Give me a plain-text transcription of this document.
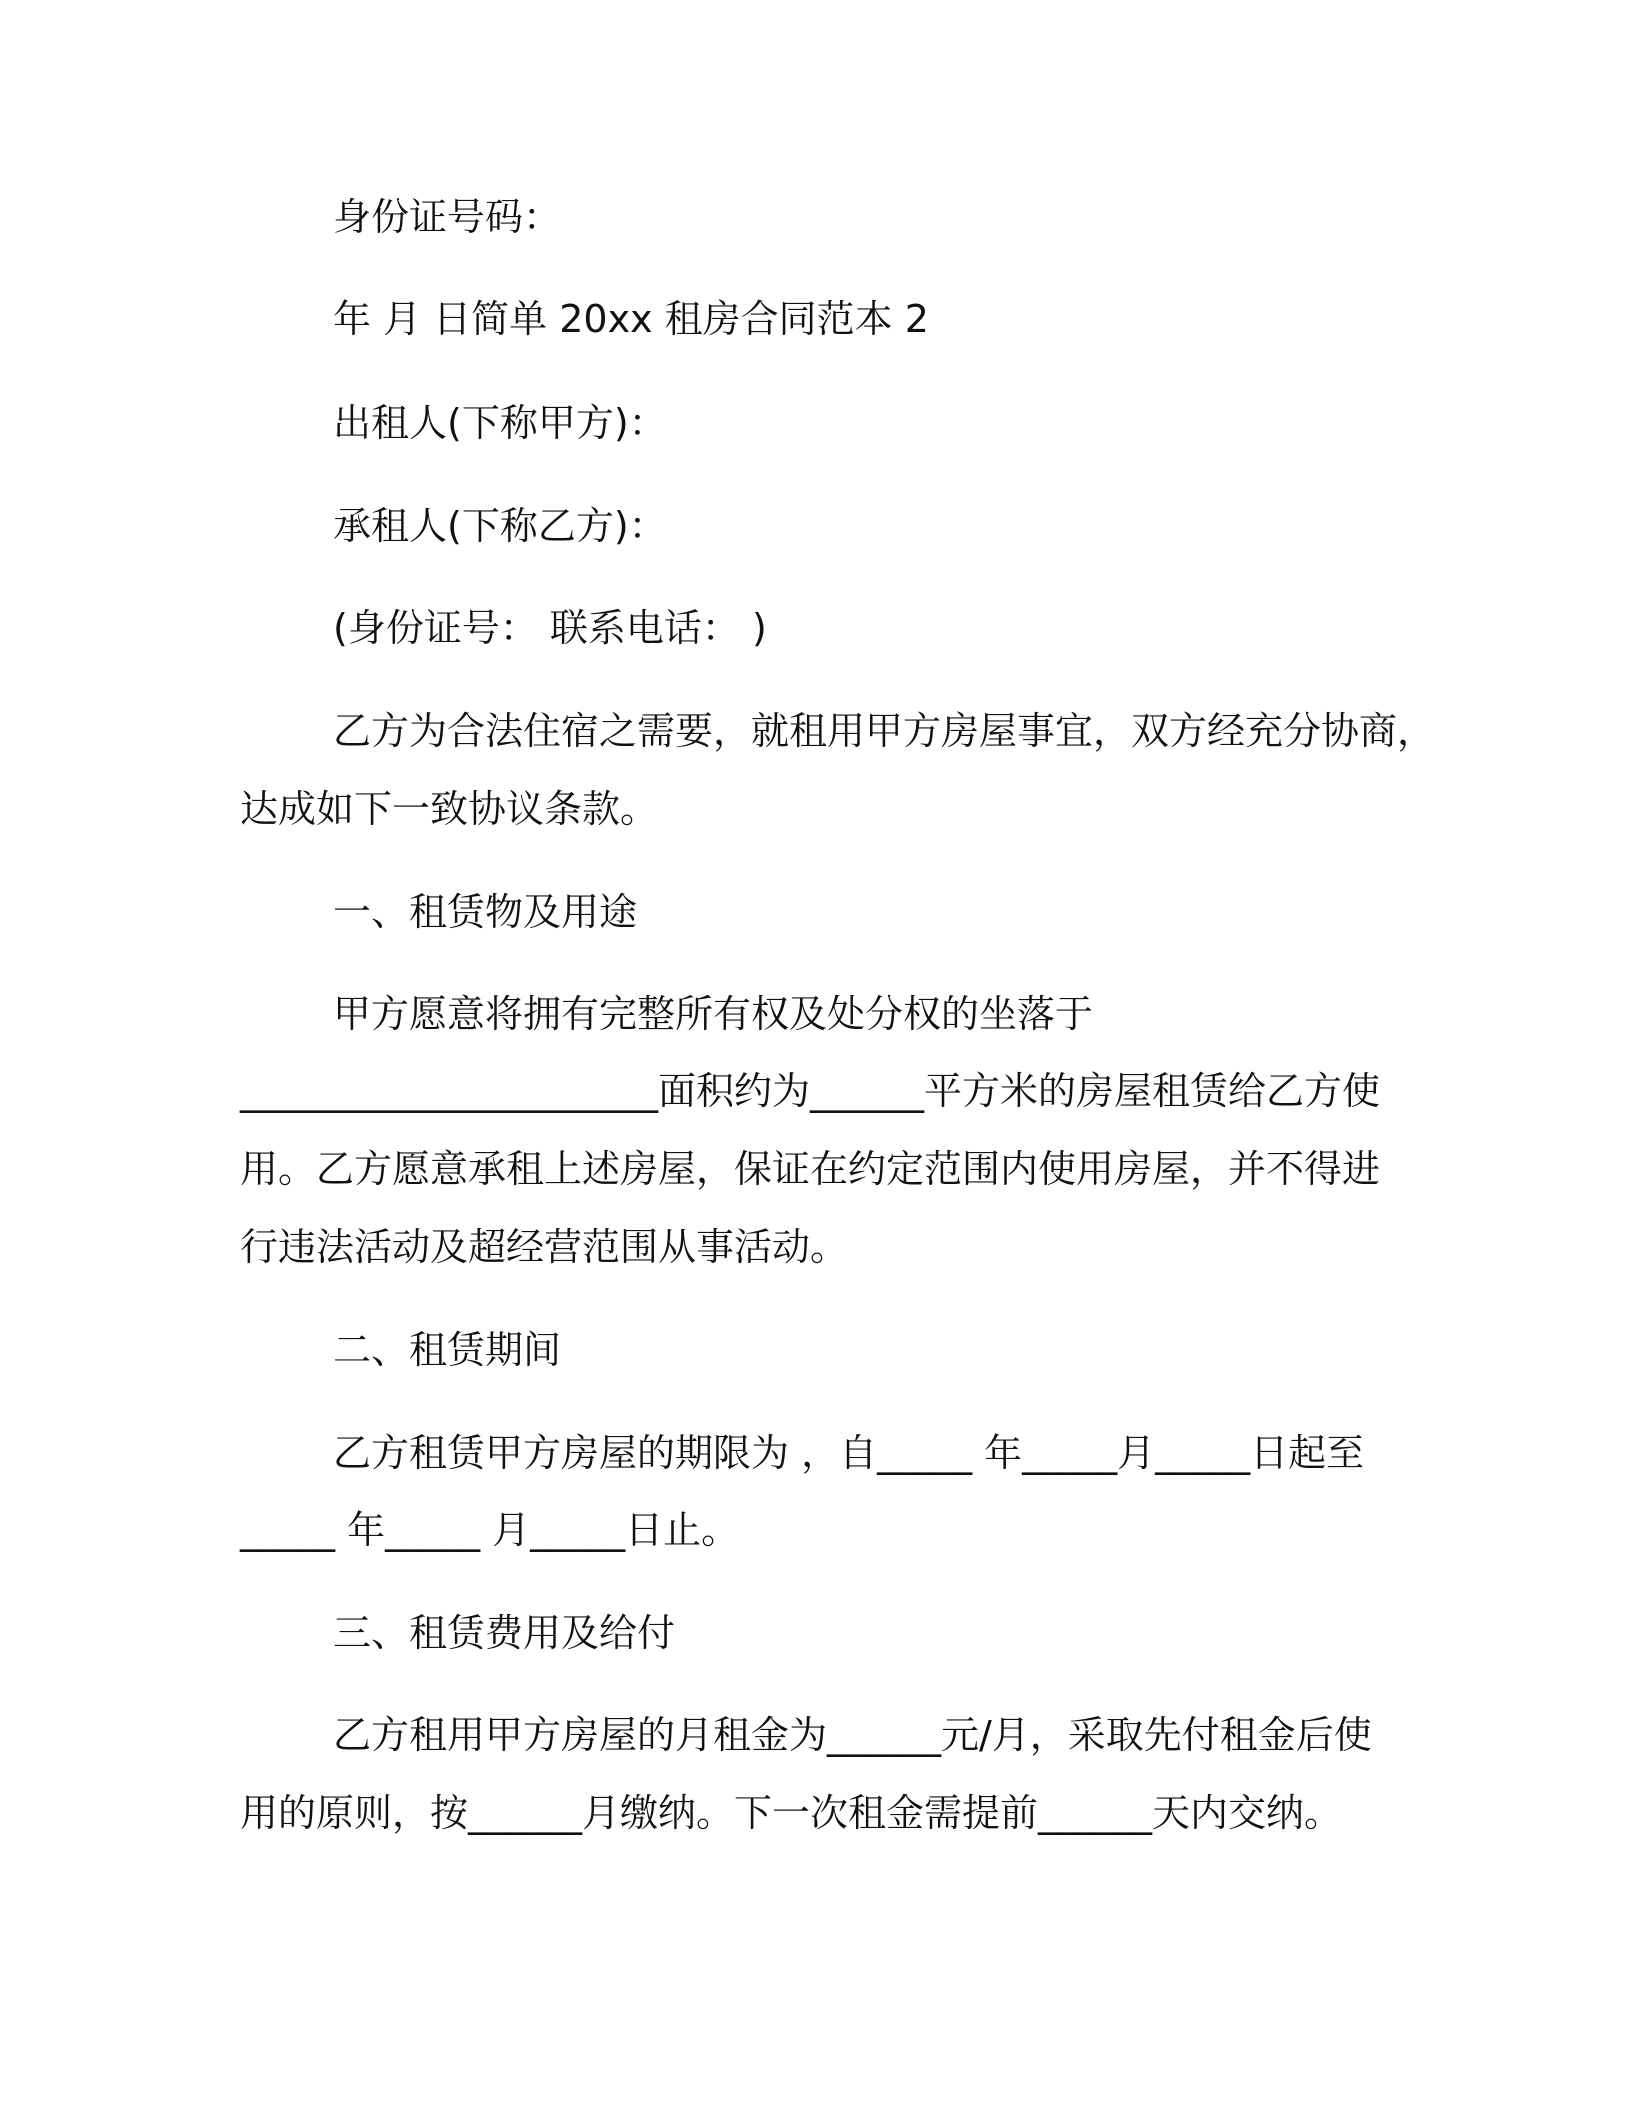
身份证号码：
年 月 日简单 20xx 租房合同范本 2
出租人(下称甲方)：
承租人(下称乙方)：
(身份证号： 联系电话： )
乙方为合法住宿之需要，就租用甲方房屋事宜，双方经充分协商，
达成如下一致协议条款。
一、租赁物及用途
甲方愿意将拥有完整所有权及处分权的坐落于
______________________面积约为______平方米的房屋租赁给乙方使
用。乙方愿意承租上述房屋，保证在约定范围内使用房屋，并不得进
行违法活动及超经营范围从事活动。
二、租赁期间
乙方租赁甲方房屋的期限为 ，自_____ 年_____月_____日起至
_____ 年_____ 月_____日止。
三、租赁费用及给付
乙方租用甲方房屋的月租金为______元/月，采取先付租金后使
用的原则，按______月缴纳。下一次租金需提前______天内交纳。
